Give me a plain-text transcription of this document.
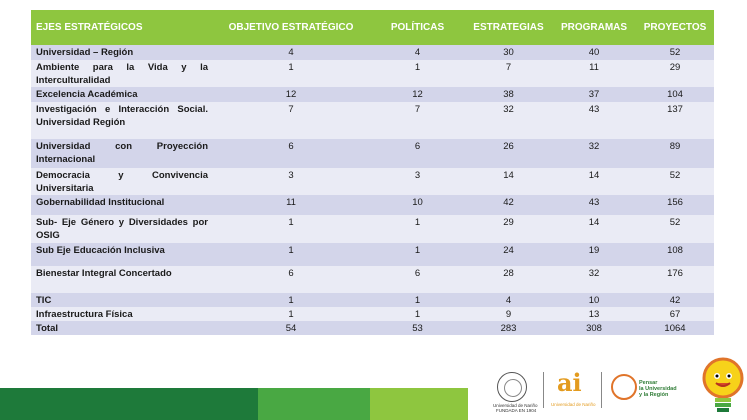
EJES ESTRATÉGICOS	OBJETIVO ESTRATÉGICO	POLÍTICAS	ESTRATEGIAS	PROGRAMAS	PROYECTOS
Universidad – Región	4	4	30	40	52
Ambiente para la Vida y la Interculturalidad	1	1	7	11	29
Excelencia Académica	12	12	38	37	104
Investigación e Interacción Social. Universidad Región	7	7	32	43	137
Universidad con Proyección Internacional	6	6	26	32	89
Democracia y Convivencia Universitaria	3	3	14	14	52
Gobernabilidad Institucional	11	10	42	43	156
Sub- Eje Género y Diversidades por OSIG	1	1	29	14	52
Sub Eje Educación Inclusiva	1	1	24	19	108
Bienestar Integral Concertado	6	6	28	32	176
TIC	1	1	4	10	42
Infraestructura Física	1	1	9	13	67
Total	54	53	283	308	1064
Universidad de Nariño
FUNDADA EN 1904
ai
Universidad de Nariño
Pensar
la Universidad
y la Región
